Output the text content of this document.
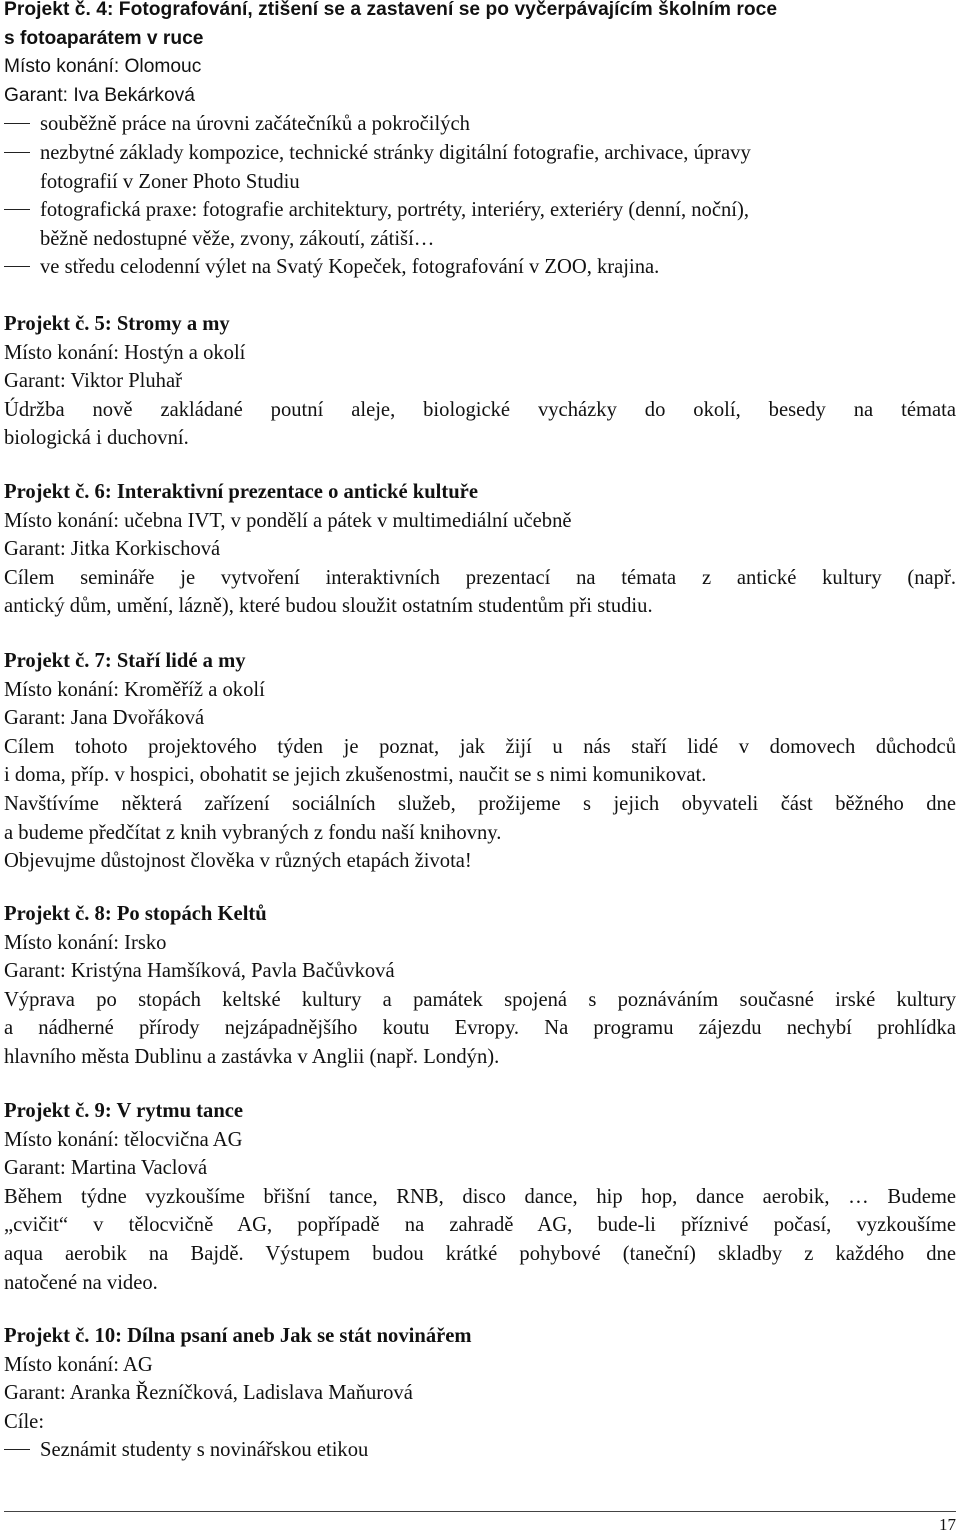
Projekt č. 4: Fotografování, ztišení se a zastavení se po vyčerpávajícím školním roce
s fotoaparátem v ruce
Místo konání: Olomouc
Garant: Iva Bekárková
souběžně práce na úrovni začátečníků a pokročilých
nezbytné základy kompozice, technické stránky digitální fotografie, archivace, úpravy
fotografií v Zoner Photo Studiu
fotografická praxe: fotografie architektury, portréty, interiéry, exteriéry (denní, noční),
běžně nedostupné věže, zvony, zákoutí, zátiší…
ve středu celodenní výlet na Svatý Kopeček, fotografování v ZOO, krajina.
Projekt č. 5: Stromy a my
Místo konání: Hostýn a okolí
Garant: Viktor Pluhař
Údržba nově zakládané poutní aleje, biologické vycházky do okolí, besedy na témata
biologická i duchovní.
Projekt č. 6: Interaktivní prezentace o antické kultuře
Místo konání: učebna IVT, v pondělí a pátek v multimediální učebně
Garant: Jitka Korkischová
Cílem semináře je vytvoření interaktivních prezentací na témata z antické kultury (např.
antický dům, umění, lázně), které budou sloužit ostatním studentům při studiu.
Projekt č. 7: Staří lidé a my
Místo konání: Kroměříž a okolí
Garant: Jana Dvořáková
Cílem tohoto projektového týden je poznat, jak žijí u nás staří lidé v domovech důchodců
i doma, příp. v hospici, obohatit se jejich zkušenostmi, naučit se s nimi komunikovat.
Navštívíme některá zařízení sociálních služeb, prožijeme s jejich obyvateli část běžného dne
a budeme předčítat z knih vybraných z fondu naší knihovny.
Objevujme důstojnost člověka v různých etapách života!
Projekt č. 8: Po stopách Keltů
Místo konání: Irsko
Garant: Kristýna Hamšíková, Pavla Bačůvková
Výprava po stopách keltské kultury a památek spojená s poznáváním současné irské kultury
a nádherné přírody nejzápadnějšího koutu Evropy. Na programu zájezdu nechybí prohlídka
hlavního města Dublinu a zastávka v Anglii (např. Londýn).
Projekt č. 9: V rytmu tance
Místo konání: tělocvična AG
Garant: Martina Vaclová
Během týdne vyzkoušíme břišní tance, RNB, disco dance, hip hop, dance aerobik, … Budeme
„cvičit“ v tělocvičně AG, popřípadě na zahradě AG, bude-li příznivé počasí, vyzkoušíme
aqua aerobik na Bajdě. Výstupem budou krátké pohybové (taneční) skladby z každého dne
natočené na video.
Projekt č. 10: Dílna psaní aneb Jak se stát novinářem
Místo konání: AG
Garant: Aranka Řezníčková, Ladislava Maňurová
Cíle:
Seznámit studenty s novinářskou etikou
17
